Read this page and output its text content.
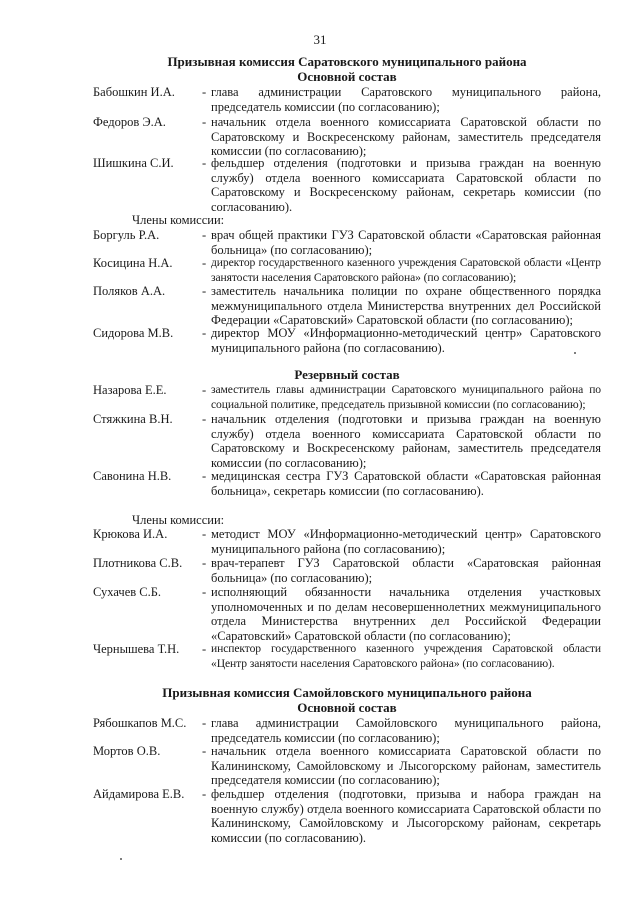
31
Призывная комиссия Саратовского муниципального района
Основной состав
Бабошкин И.А. - глава администрации Саратовского муниципального района, председатель комиссии (по согласованию);
Федоров Э.А.	- начальник отдела военного комиссариата Саратовской области по Саратовскому и Воскресенскому районам, заместитель председателя комиссии (по согласованию);
Шишкина С.И. - фельдшер отделения (подготовки и призыва граждан на военную службу) отдела военного комиссариата Саратовской области по Саратовскому и Воскресенскому районам, секретарь комиссии (по согласованию).
Члены комиссии:
Боргуль Р.А.	- врач общей практики ГУЗ Саратовской области «Саратовская районная больница» (по согласованию);
Косицина Н.А. - директор государственного казенного учреждения Саратовской области «Центр занятости населения Саратовского района» (по согласованию);
Поляков А.А.	- заместитель начальника полиции по охране общественного порядка межмуниципального отдела Министерства внутренних дел Российской Федерации «Саратовский» Саратовской области (по согласованию);
Сидорова М.В. - директор МОУ «Информационно-методический центр» Саратовского муниципального района (по согласованию).
Резервный состав
Назарова Е.Е.	- заместитель главы администрации Саратовского муниципального района по социальной политике, председатель призывной комиссии (по согласованию);
Стяжкина В.Н. - начальник отделения (подготовки и призыва граждан на военную службу) отдела военного комиссариата Саратовской области по Саратовскому и Воскресенскому районам, заместитель председателя комиссии (по согласованию);
Савонина Н.В. - медицинская сестра ГУЗ Саратовской области «Саратовская районная больница», секретарь комиссии (по согласованию).
Члены комиссии:
Крюкова И.А.	- методист МОУ «Информационно-методический центр» Саратовского муниципального района (по согласованию);
Плотникова С.В. - врач-терапевт ГУЗ Саратовской области «Саратовская районная больница» (по согласованию);
Сухачев С.Б.	- исполняющий обязанности начальника отделения участковых уполномоченных и по делам несовершеннолетних межмуниципального отдела Министерства внутренних дел Российской Федерации «Саратовский» Саратовской области (по согласованию);
Чернышева Т.Н. - инспектор государственного казенного учреждения Саратовской области «Центр занятости населения Саратовского района» (по согласованию).
Призывная комиссия Самойловского муниципального района
Основной состав
Рябошкапов М.С. - глава администрации Самойловского муниципального района, председатель комиссии (по согласованию);
Мортов О.В.	- начальник отдела военного комиссариата Саратовской области по Калининскому, Самойловскому и Лысогорскому районам, заместитель председателя комиссии (по согласованию);
Айдамирова Е.В. - фельдшер отделения (подготовки, призыва и набора граждан на военную службу) отдела военного комиссариата Саратовской области по Калининскому, Самойловскому и Лысогорскому районам, секретарь комиссии (по согласованию).
